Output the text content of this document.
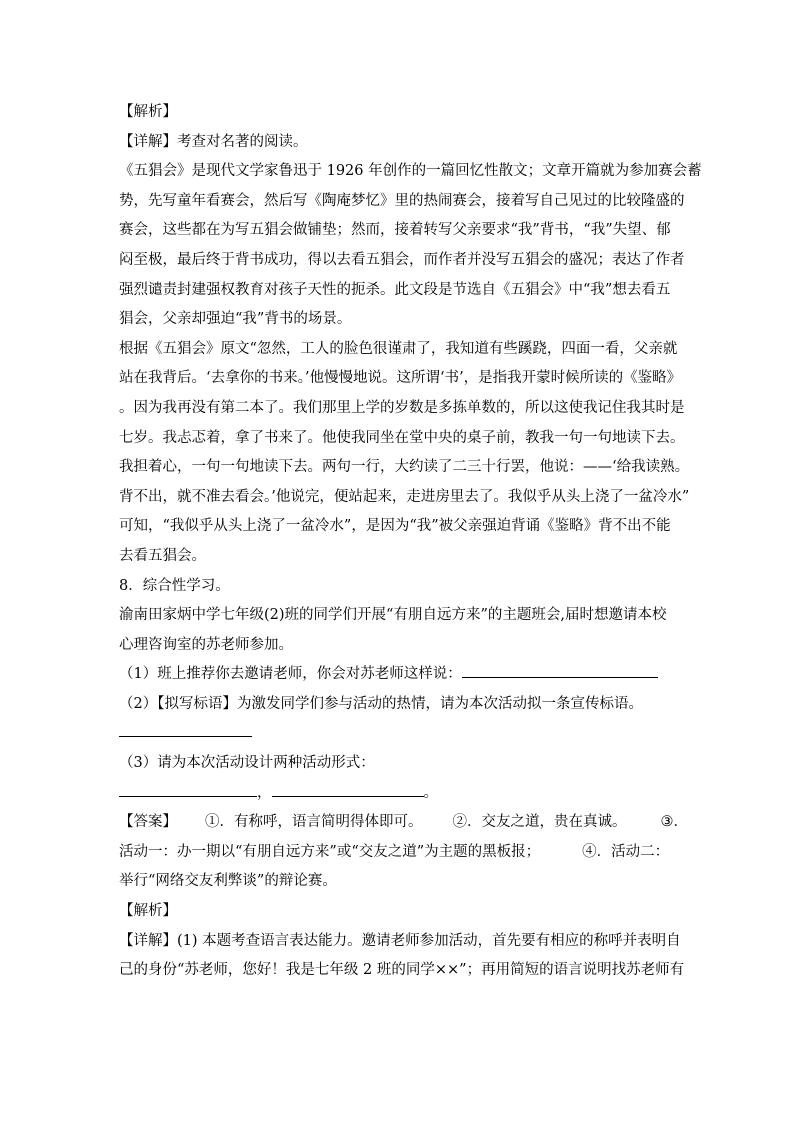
【解析】
【详解】考查对名著的阅读。
《五猖会》是现代文学家鲁迅于 1926 年创作的一篇回忆性散文；文章开篇就为参加赛会蓄
势，先写童年看赛会，然后写《陶庵梦忆》里的热闹赛会，接着写自己见过的比较隆盛的
赛会，这些都在为写五猖会做铺垫；然而，接着转写父亲要求“我”背书，“我”失望、郁
闷至极，最后终于背书成功，得以去看五猖会，而作者并没写五猖会的盛况；表达了作者
强烈谴责封建强权教育对孩子天性的扼杀。此文段是节选自《五猖会》中“我”想去看五
猖会，父亲却强迫“我”背书的场景。
根据《五猖会》原文“忽然，工人的脸色很谨肃了，我知道有些蹊跷，四面一看，父亲就
站在我背后。‘去拿你的书来。’他慢慢地说。这所谓‘书’，是指我开蒙时候所读的《鉴略》
。因为我再没有第二本了。我们那里上学的岁数是多拣单数的，所以这使我记住我其时是
七岁。我忐忑着，拿了书来了。他使我同坐在堂中央的桌子前，教我一句一句地读下去。
我担着心，一句一句地读下去。两句一行，大约读了二三十行罢，他说：——‘给我读熟。
背不出，就不准去看会。’他说完，便站起来，走进房里去了。我似乎从头上浇了一盆冷水”
可知，“我似乎从头上浇了一盆冷水”，是因为“我”被父亲强迫背诵《鉴略》背不出不能
去看五猖会。
8．综合性学习。
渝南田家炳中学七年级(2)班的同学们开展“有朋自远方来”的主题班会,届时想邀请本校
心理咨询室的苏老师参加。
（1）班上推荐你去邀请老师，你会对苏老师这样说：
（2）【拟写标语】为激发同学们参与活动的热情，请为本次活动拟一条宣传标语。
（3）请为本次活动设计两种活动形式：
，	。
【答案】 ①．有称呼，语言简明得体即可。 ②．交友之道，贵在真诚。 ③．
活动一：办一期以“有朋自远方来”或“交友之道”为主题的黑板报；	④．活动二：
举行“网络交友利弊谈”的辩论赛。
【解析】
【详解】(1) 本题考查语言表达能力。邀请老师参加活动，首先要有相应的称呼并表明自
己的身份“苏老师，您好！我是七年级 2 班的同学××”；再用简短的语言说明找苏老师有
